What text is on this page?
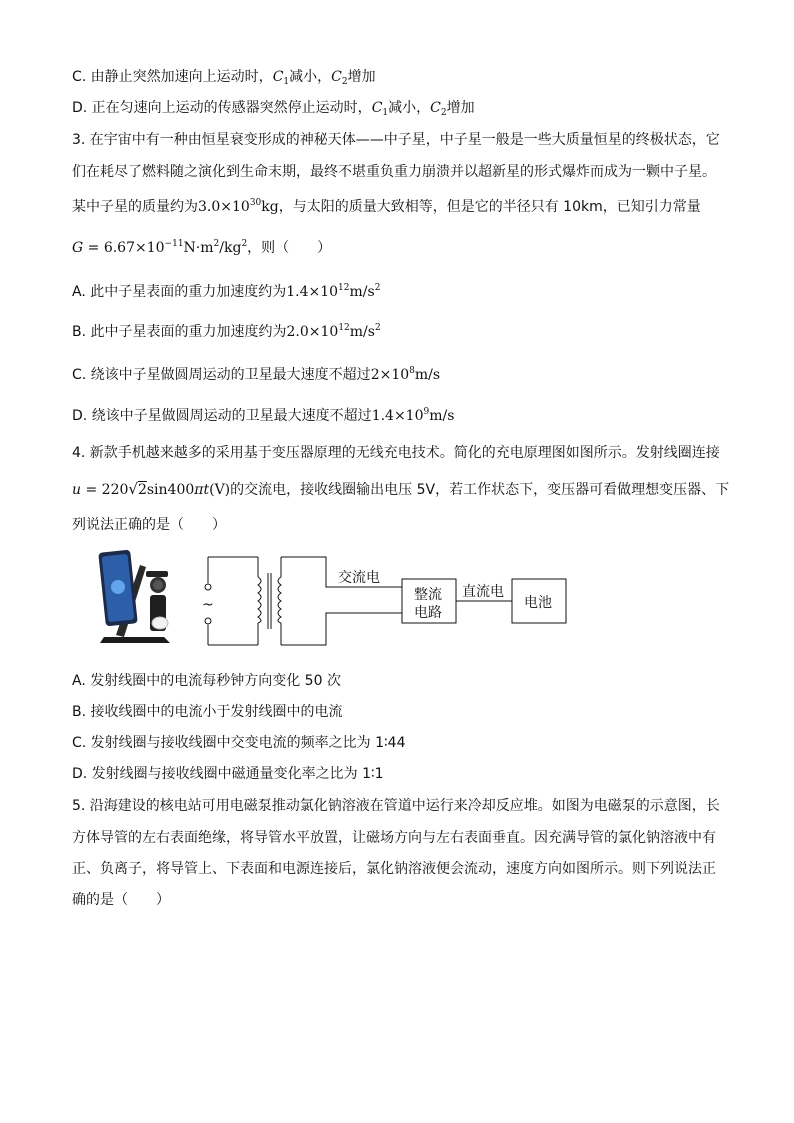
C. 由静止突然加速向上运动时，$C_1$减小，$C_2$增加
D. 正在匀速向上运动的传感器突然停止运动时，$C_1$减小，$C_2$增加
3. 在宇宙中有一种由恒星衰变形成的神秘天体——中子星，中子星一般是一些大质量恒星的终极状态，它
们在耗尽了燃料随之演化到生命末期，最终不堪重负重力崩溃并以超新星的形式爆炸而成为一颗中子星。
某中子星的质量约为$3.0\times 10^{30}kg$，与太阳的质量大致相等，但是它的半径只有 10km，已知引力常量
$G = 6.67\times 10^{-11}N\cdot m^2/kg^2$，则（　　）
A. 此中子星表面的重力加速度约为$1.4\times 10^{12}m/s^2$
B. 此中子星表面的重力加速度约为$2.0\times 10^{12}m/s^2$
C. 绕该中子星做圆周运动的卫星最大速度不超过$2\times 10^8m/s$
D. 绕该中子星做圆周运动的卫星最大速度不超过$1.4\times 10^9m/s$
4. 新款手机越来越多的采用基于变压器原理的无线充电技术。简化的充电原理图如图所示。发射线圈连接
u = 220√2sin400πt(V)的交流电，接收线圈输出电压 5V，若工作状态下，变压器可看做理想变压器、下
列说法正确的是（　　）
~
交流电
整流
电路
直流电
电池
A. 发射线圈中的电流每秒钟方向变化 50 次
B. 接收线圈中的电流小于发射线圈中的电流
C. 发射线圈与接收线圈中交变电流的频率之比为 1∶44
D. 发射线圈与接收线圈中磁通量变化率之比为 1∶1
5. 沿海建设的核电站可用电磁泵推动氯化钠溶液在管道中运行来冷却反应堆。如图为电磁泵的示意图，长
方体导管的左右表面绝缘，将导管水平放置，让磁场方向与左右表面垂直。因充满导管的氯化钠溶液中有
正、负离子，将导管上、下表面和电源连接后，氯化钠溶液便会流动，速度方向如图所示。则下列说法正
确的是（　　）
